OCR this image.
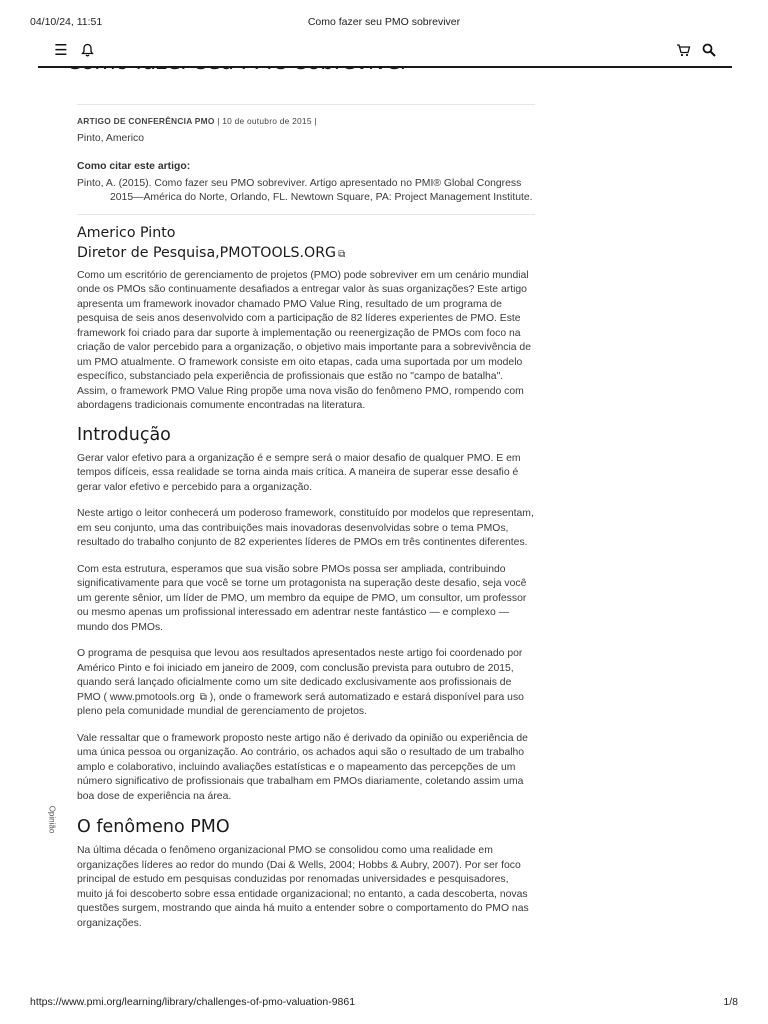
04/10/24, 11:51	Como fazer seu PMO sobreviver
☰
ARTIGO DE CONFERÊNCIA PMO | 10 de outubro de 2015 |
Pinto, Americo
Como citar este artigo:
Pinto, A. (2015). Como fazer seu PMO sobreviver. Artigo apresentado no PMI® Global Congress 2015—América do Norte, Orlando, FL. Newtown Square, PA: Project Management Institute.
Americo Pinto
Diretor de Pesquisa,PMOTOOLS.ORG ⧉

Como um escritório de gerenciamento de projetos (PMO) pode sobreviver em um cenário mundial onde os PMOs são continuamente desafiados a entregar valor às suas organizações? Este artigo apresenta um framework inovador chamado PMO Value Ring, resultado de um programa de pesquisa de seis anos desenvolvido com a participação de 82 líderes experientes de PMO. Este framework foi criado para dar suporte à implementação ou reenergização de PMOs com foco na criação de valor percebido para a organização, o objetivo mais importante para a sobrevivência de um PMO atualmente. O framework consiste em oito etapas, cada uma suportada por um modelo específico, substanciado pela experiência de profissionais que estão no "campo de batalha". Assim, o framework PMO Value Ring propõe uma nova visão do fenômeno PMO, rompendo com abordagens tradicionais comumente encontradas na literatura.

Introdução

Gerar valor efetivo para a organização é e sempre será o maior desafio de qualquer PMO. E em tempos difíceis, essa realidade se torna ainda mais crítica. A maneira de superar esse desafio é gerar valor efetivo e percebido para a organização.

Neste artigo o leitor conhecerá um poderoso framework, constituído por modelos que representam, em seu conjunto, uma das contribuições mais inovadoras desenvolvidas sobre o tema PMOs, resultado do trabalho conjunto de 82 experientes líderes de PMOs em três continentes diferentes.

Com esta estrutura, esperamos que sua visão sobre PMOs possa ser ampliada, contribuindo significativamente para que você se torne um protagonista na superação deste desafio, seja você um gerente sênior, um líder de PMO, um membro da equipe de PMO, um consultor, um professor ou mesmo apenas um profissional interessado em adentrar neste fantástico — e complexo — mundo dos PMOs.

O programa de pesquisa que levou aos resultados apresentados neste artigo foi coordenado por Américo Pinto e foi iniciado em janeiro de 2009, com conclusão prevista para outubro de 2015, quando será lançado oficialmente como um site dedicado exclusivamente aos profissionais de PMO ( www.pmotools.org ⧉ ), onde o framework será automatizado e estará disponível para uso pleno pela comunidade mundial de gerenciamento de projetos.

Vale ressaltar que o framework proposto neste artigo não é derivado da opinião ou experiência de uma única pessoa ou organização. Ao contrário, os achados aqui são o resultado de um trabalho amplo e colaborativo, incluindo avaliações estatísticas e o mapeamento das percepções de um número significativo de profissionais que trabalham em PMOs diariamente, coletando assim uma boa dose de experiência na área.

O fenômeno PMO

Na última década o fenômeno organizacional PMO se consolidou como uma realidade em organizações líderes ao redor do mundo (Dai & Wells, 2004; Hobbs & Aubry, 2007). Por ser foco principal de estudo em pesquisas conduzidas por renomadas universidades e pesquisadores, muito já foi descoberto sobre essa entidade organizacional; no entanto, a cada descoberta, novas questões surgem, mostrando que ainda há muito a entender sobre o comportamento do PMO nas organizações.

Opinião
https://www.pmi.org/learning/library/challenges-of-pmo-valuation-9861	1/8
